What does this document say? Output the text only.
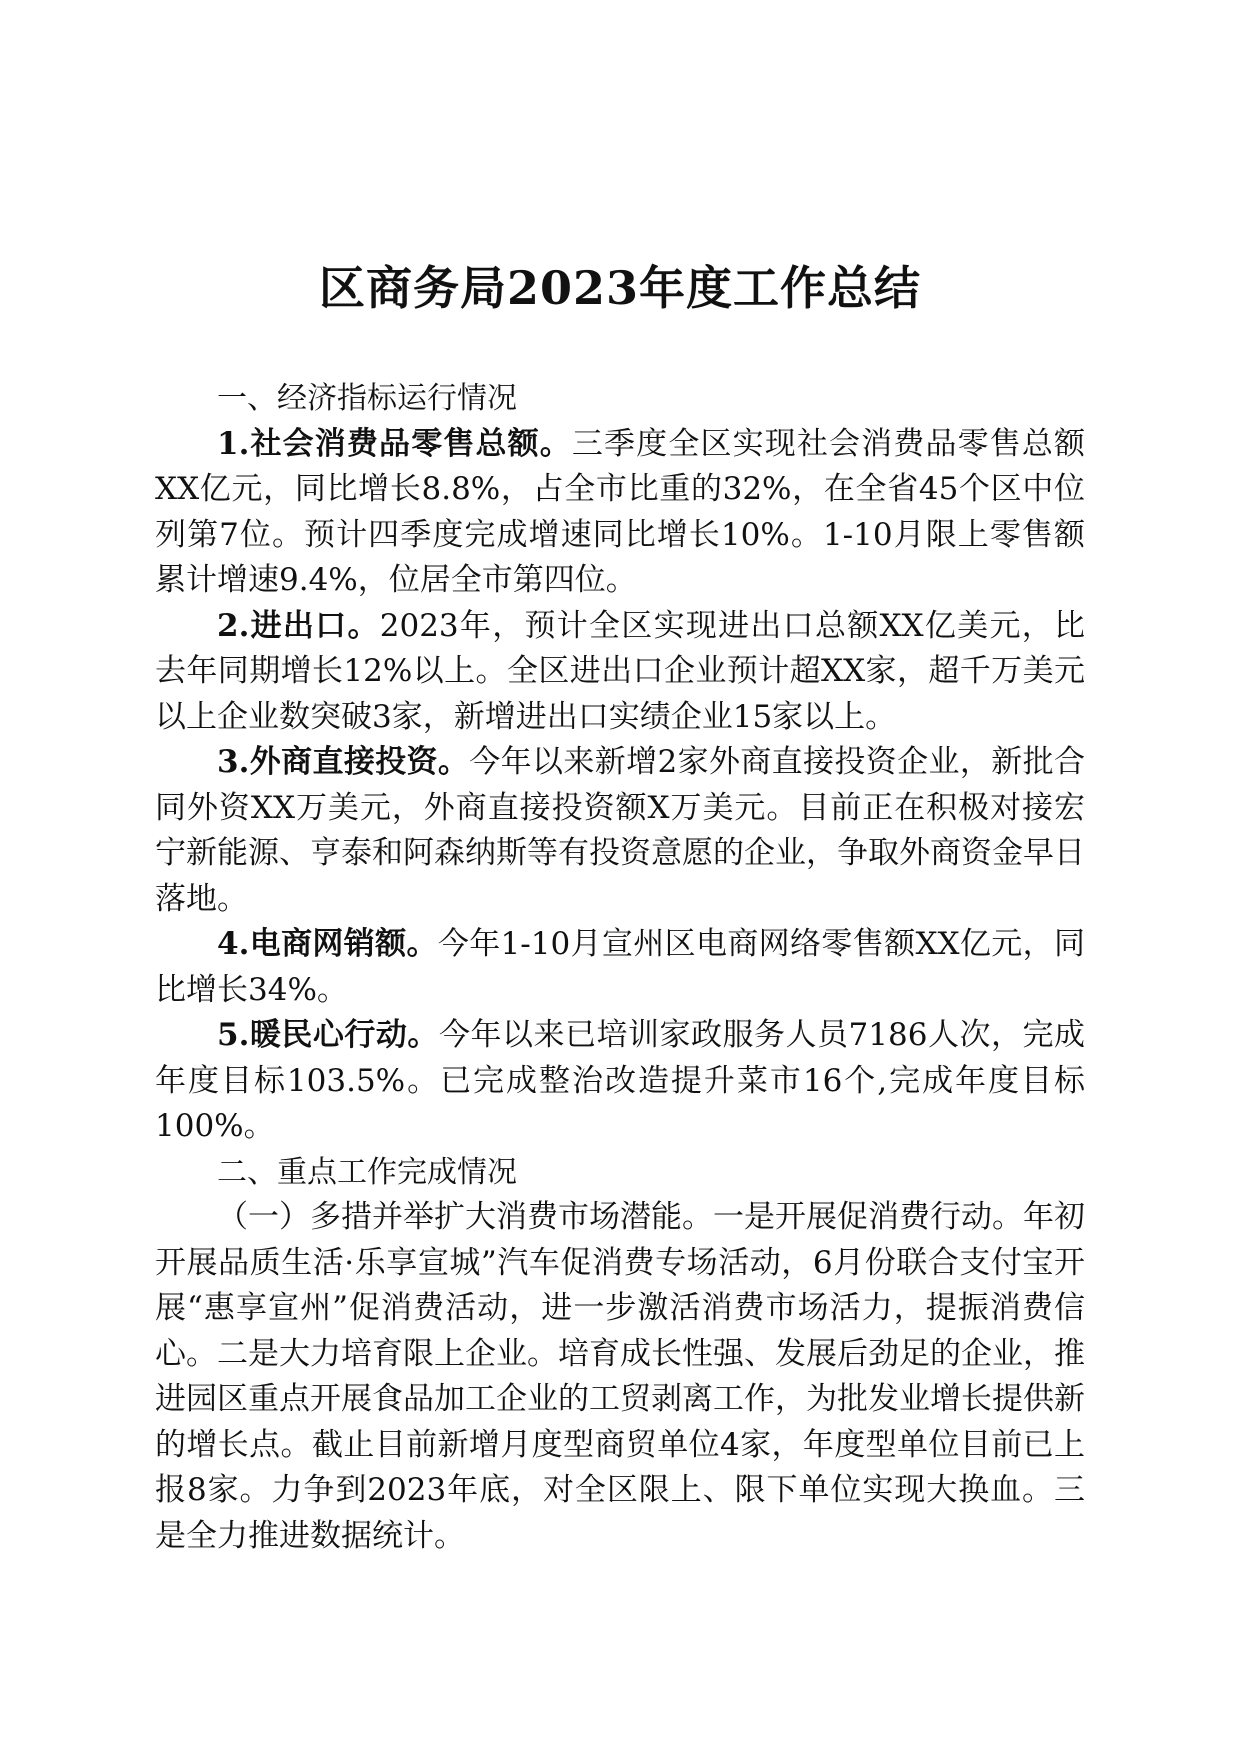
区商务局2023年度工作总结

一、经济指标运行情况

1.社会消费品零售总额。三季度全区实现社会消费品零售总额XX亿元，同比增长8.8%，占全市比重的32%，在全省45个区中位列第7位。预计四季度完成增速同比增长10%。1-10月限上零售额累计增速9.4%，位居全市第四位。

2.进出口。2023年，预计全区实现进出口总额XX亿美元，比去年同期增长12%以上。全区进出口企业预计超XX家，超千万美元以上企业数突破3家，新增进出口实绩企业15家以上。

3.外商直接投资。今年以来新增2家外商直接投资企业，新批合同外资XX万美元，外商直接投资额X万美元。目前正在积极对接宏宁新能源、亨泰和阿森纳斯等有投资意愿的企业，争取外商资金早日落地。

4.电商网销额。今年1-10月宣州区电商网络零售额XX亿元，同比增长34%。

5.暖民心行动。今年以来已培训家政服务人员7186人次，完成年度目标103.5%。已完成整治改造提升菜市16个,完成年度目标100%。

二、重点工作完成情况

（一）多措并举扩大消费市场潜能。一是开展促消费行动。年初开展品质生活·乐享宣城”汽车促消费专场活动，6月份联合支付宝开展“惠享宣州”促消费活动，进一步激活消费市场活力，提振消费信心。二是大力培育限上企业。培育成长性强、发展后劲足的企业，推进园区重点开展食品加工企业的工贸剥离工作，为批发业增长提供新的增长点。截止目前新增月度型商贸单位4家，年度型单位目前已上报8家。力争到2023年底，对全区限上、限下单位实现大换血。三是全力推进数据统计。
